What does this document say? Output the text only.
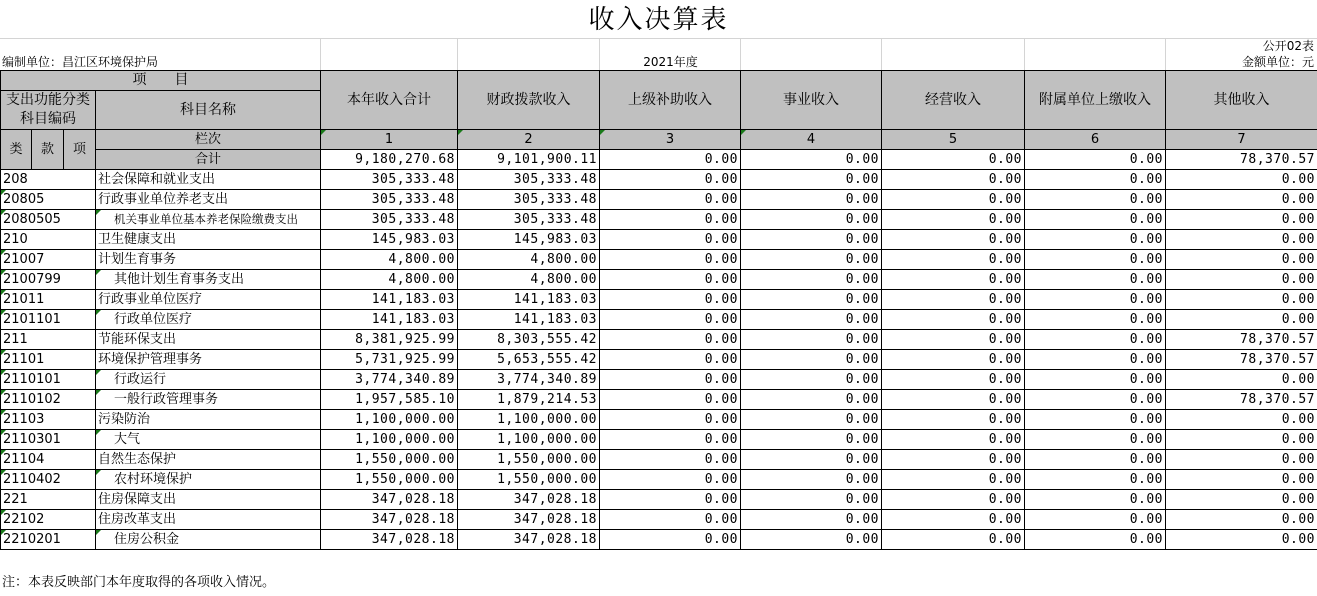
收入决算表
公开02表
编制单位：昌江区环境保护局	2021年度	金额单位：元
项　　目				本年收入合计	财政拨款收入	上级补助收入	事业收入	经营收入	附属单位上缴收入	其他收入
支出功能分类科目编码			科目名称							

类	款	项	栏次	1	2	3	4	5	6	7
			合计	9,180,270.68	9,101,900.11	0.00	0.00	0.00	0.00	78,370.57
208			社会保障和就业支出	305,333.48	305,333.48	0.00	0.00	0.00	0.00	0.00
20805			行政事业单位养老支出	305,333.48	305,333.48	0.00	0.00	0.00	0.00	0.00
2080505			机关事业单位基本养老保险缴费支出	305,333.48	305,333.48	0.00	0.00	0.00	0.00	0.00
210			卫生健康支出	145,983.03	145,983.03	0.00	0.00	0.00	0.00	0.00
21007			计划生育事务	4,800.00	4,800.00	0.00	0.00	0.00	0.00	0.00
2100799			其他计划生育事务支出	4,800.00	4,800.00	0.00	0.00	0.00	0.00	0.00
21011			行政事业单位医疗	141,183.03	141,183.03	0.00	0.00	0.00	0.00	0.00
2101101			行政单位医疗	141,183.03	141,183.03	0.00	0.00	0.00	0.00	0.00
211			节能环保支出	8,381,925.99	8,303,555.42	0.00	0.00	0.00	0.00	78,370.57
21101			环境保护管理事务	5,731,925.99	5,653,555.42	0.00	0.00	0.00	0.00	78,370.57
2110101			行政运行	3,774,340.89	3,774,340.89	0.00	0.00	0.00	0.00	0.00
2110102			一般行政管理事务	1,957,585.10	1,879,214.53	0.00	0.00	0.00	0.00	78,370.57
21103			污染防治	1,100,000.00	1,100,000.00	0.00	0.00	0.00	0.00	0.00
2110301			大气	1,100,000.00	1,100,000.00	0.00	0.00	0.00	0.00	0.00
21104			自然生态保护	1,550,000.00	1,550,000.00	0.00	0.00	0.00	0.00	0.00
2110402			农村环境保护	1,550,000.00	1,550,000.00	0.00	0.00	0.00	0.00	0.00
221			住房保障支出	347,028.18	347,028.18	0.00	0.00	0.00	0.00	0.00
22102			住房改革支出	347,028.18	347,028.18	0.00	0.00	0.00	0.00	0.00
2210201			住房公积金	347,028.18	347,028.18	0.00	0.00	0.00	0.00	0.00
注：本表反映部门本年度取得的各项收入情况。
